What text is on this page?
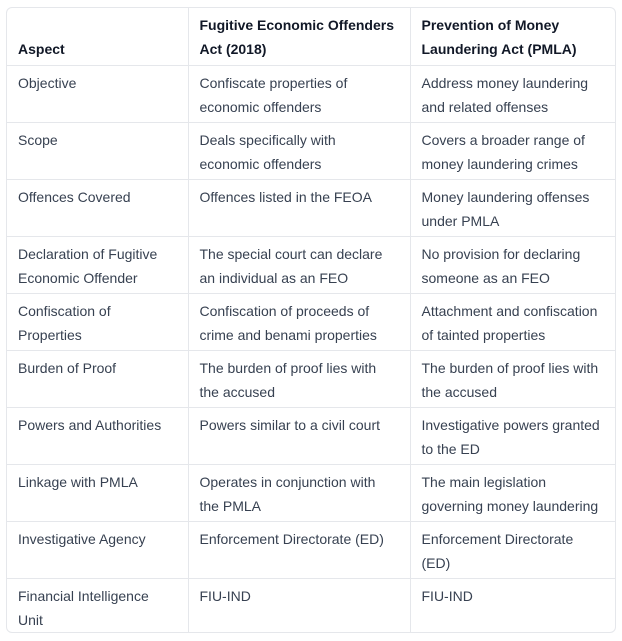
Aspect	Fugitive Economic Offenders Act (2018)	Prevention of Money Laundering Act (PMLA)
Objective	Confiscate properties of economic offenders	Address money laundering and related offenses
Scope	Deals specifically with economic offenders	Covers a broader range of money laundering crimes
Offences Covered	Offences listed in the FEOA	Money laundering offenses under PMLA
Declaration of Fugitive Economic Offender	The special court can declare an individual as an FEO	No provision for declaring someone as an FEO
Confiscation of Properties	Confiscation of proceeds of crime and benami properties	Attachment and confiscation of tainted properties
Burden of Proof	The burden of proof lies with the accused	The burden of proof lies with the accused
Powers and Authorities	Powers similar to a civil court	Investigative powers granted to the ED
Linkage with PMLA	Operates in conjunction with the PMLA	The main legislation governing money laundering
Investigative Agency	Enforcement Directorate (ED)	Enforcement Directorate (ED)
Financial Intelligence Unit	FIU-IND	FIU-IND
